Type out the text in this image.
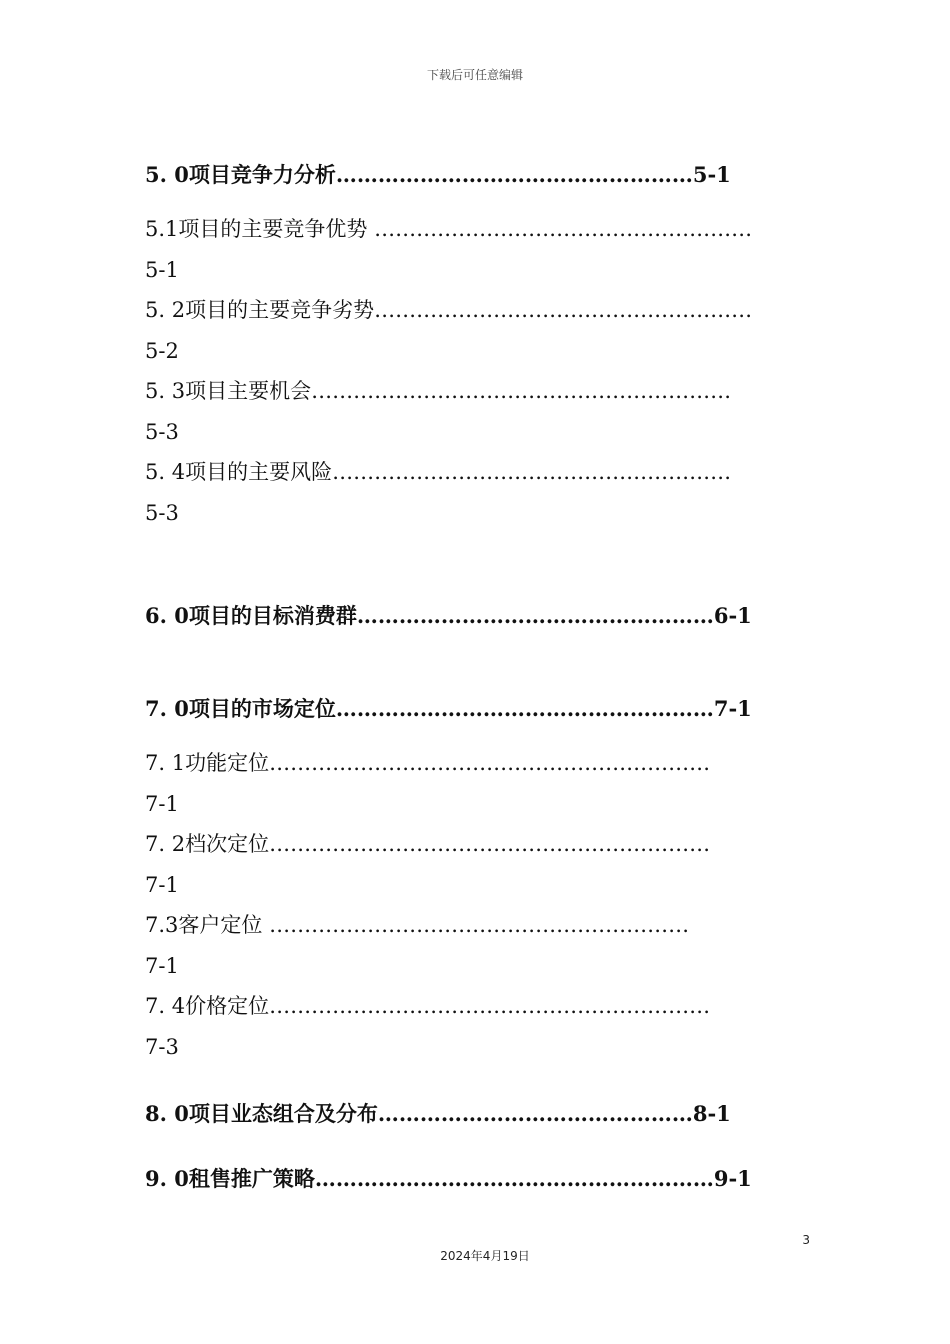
下载后可任意编辑
5. 0项目竞争力分析……………………………………………5-1
5.1项目的主要竞争优势 ………………………………………………
5-1
5. 2项目的主要竞争劣势………………………………………………
5-2
5. 3项目主要机会……………………………………………………
5-3
5. 4项目的主要风险…………………………………………………
5-3
6. 0项目的目标消费群……………………………………………6-1
7. 0项目的市场定位………………………………………………7-1
7. 1功能定位………………………………………………………
7-1
7. 2档次定位………………………………………………………
7-1
7.3客户定位 ……………………………………………………
7-1
7. 4价格定位………………………………………………………
7-3
8. 0项目业态组合及分布………………………………………8-1
9. 0租售推广策略…………………………………………………9-1
3
2024年4月19日
